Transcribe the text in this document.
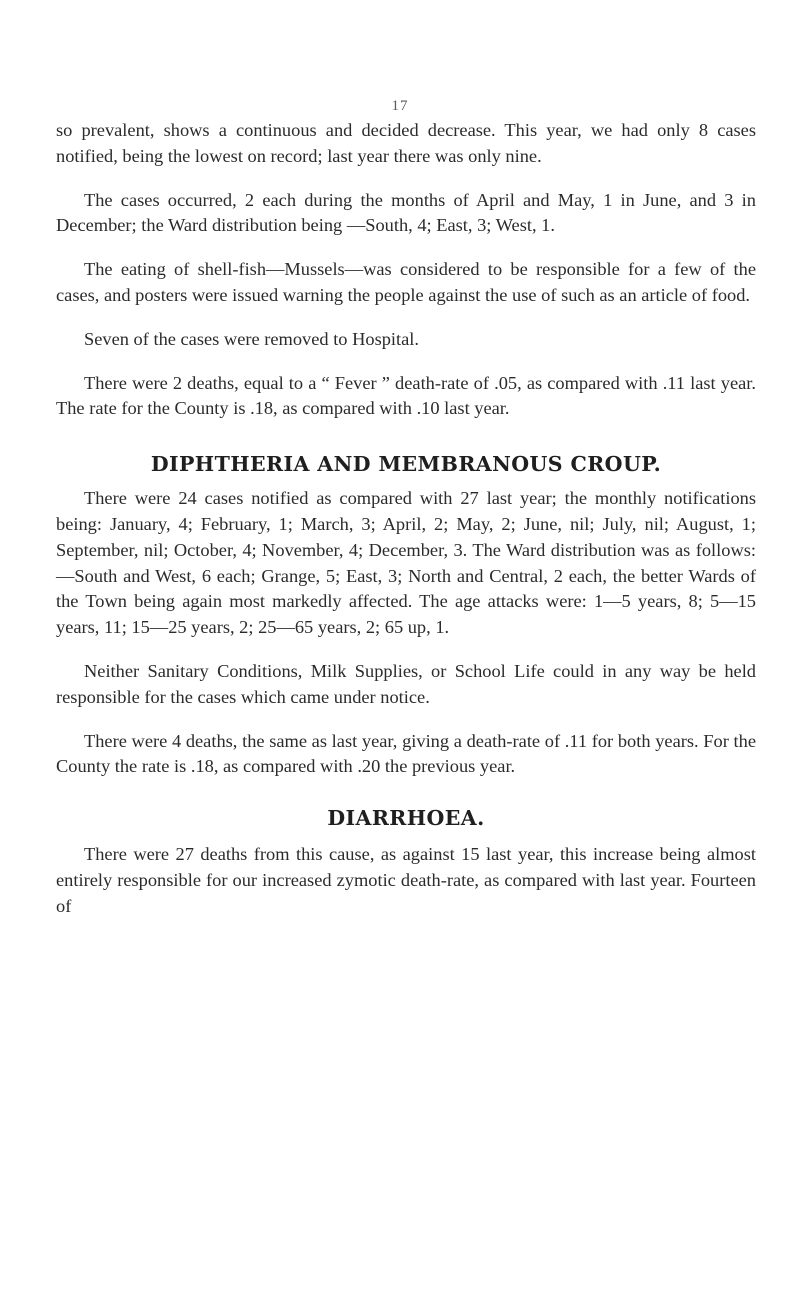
17

so prevalent, shows a continuous and decided decrease. This year, we had only 8 cases notified, being the lowest on record; last year there was only nine.

The cases occurred, 2 each during the months of April and May, 1 in June, and 3 in December; the Ward distribution being —South, 4; East, 3; West, 1.

The eating of shell-fish—Mussels—was considered to be responsible for a few of the cases, and posters were issued warning the people against the use of such as an article of food.

Seven of the cases were removed to Hospital.

There were 2 deaths, equal to a “ Fever ” death-rate of .05, as compared with .11 last year. The rate for the County is .18, as compared with .10 last year.

DIPHTHERIA AND MEMBRANOUS CROUP.

There were 24 cases notified as compared with 27 last year; the monthly notifications being: January, 4; February, 1; March, 3; April, 2; May, 2; June, nil; July, nil; August, 1; September, nil; October, 4; November, 4; December, 3. The Ward distribution was as follows:—South and West, 6 each; Grange, 5; East, 3; North and Central, 2 each, the better Wards of the Town being again most markedly affected. The age attacks were: 1—5 years, 8; 5—15 years, 11; 15—25 years, 2; 25—65 years, 2; 65 up, 1.

Neither Sanitary Conditions, Milk Supplies, or School Life could in any way be held responsible for the cases which came under notice.

There were 4 deaths, the same as last year, giving a death-rate of .11 for both years. For the County the rate is .18, as compared with .20 the previous year.

DIARRHOEA.

There were 27 deaths from this cause, as against 15 last year, this increase being almost entirely responsible for our increased zymotic death-rate, as compared with last year. Fourteen of
